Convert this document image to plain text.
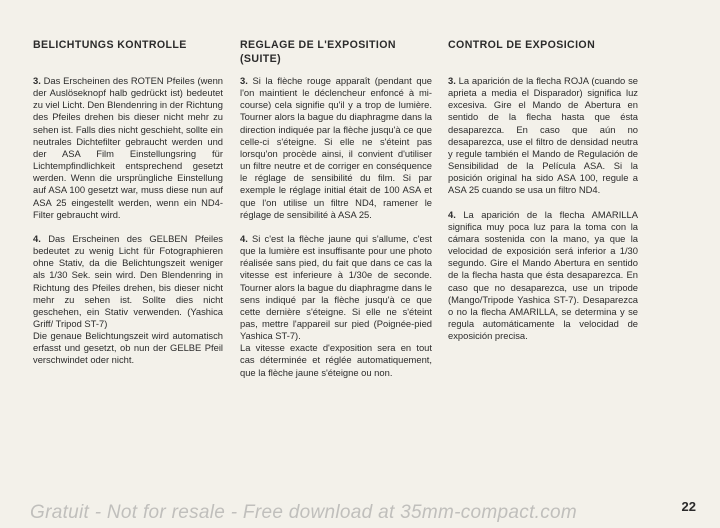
BELICHTUNGS KONTROLLE

3. Das Erscheinen des ROTEN Pfeiles (wenn der Auslöseknopf halb gedrückt ist) bedeutet zu viel Licht. Den Blendenring in der Richtung des Pfeiles drehen bis dieser nicht mehr zu sehen ist. Falls dies nicht geschieht, sollte ein neutrales Dichtefilter gebraucht werden und der ASA Film Einstellungsring für Lichtempfindlichkeit entsprechend gesetzt werden. Wenn die ursprüngliche Einstellung auf ASA 100 gesetzt war, muss diese nun auf ASA 25 eingestellt werden, wenn ein ND4-Filter gebraucht wird.

4. Das Erscheinen des GELBEN Pfeiles bedeutet zu wenig Licht für Fotographieren ohne Stativ, da die Belichtungszeit weniger als 1/30 Sek. sein wird. Den Blendenring in Richtung des Pfeiles drehen, bis dieser nicht mehr zu sehen ist. Sollte dies nicht geschehen, ein Stativ verwenden. (Yashica Griff/ Tripod ST-7)
Die genaue Belichtungszeit wird automatisch erfasst und gesetzt, ob nun der GELBE Pfeil verschwindet oder nicht.

REGLAGE DE L'EXPOSITION (SUITE)

3. Si la flèche rouge apparaît (pendant que l'on maintient le déclencheur enfoncé à mi-course) cela signifie qu'il y a trop de lumière. Tourner alors la bague du diaphragme dans la direction indiquée par la flèche jusqu'à ce que celle-ci s'éteigne. Si elle ne s'éteint pas lorsqu'on procède ainsi, il convient d'utiliser un filtre neutre et de corriger en conséquence le réglage de sensibilité du film. Si par exemple le réglage initial était de 100 ASA et que l'on utilise un filtre ND4, ramener le réglage de sensibilité à ASA 25.

4. Si c'est la flèche jaune qui s'allume, c'est que la lumière est insuffisante pour une photo réalisée sans pied, du fait que dans ce cas la vitesse est inferieure à 1/30e de seconde. Tourner alors la bague du diaphragme dans le sens indiqué par la flèche jusqu'à ce que cette dernière s'éteigne. Si elle ne s'éteint pas, mettre l'appareil sur pied (Poignée-pied Yashica ST-7).
La vitesse exacte d'exposition sera en tout cas déterminée et réglée automatiquement, que la flèche jaune s'éteigne ou non.

CONTROL DE EXPOSICION

3. La aparición de la flecha ROJA (cuando se aprieta a media el Disparador) significa luz excesiva. Gire el Mando de Abertura en sentido de la flecha hasta que ésta desaparezca. En caso que aún no desaparezca, use el filtro de densidad neutra y regule también el Mando de Regulación de Sensibilidad de la Película ASA. Si la posición original ha sido ASA 100, regule a ASA 25 cuando se usa un filtro ND4.

4. La aparición de la flecha AMARILLA significa muy poca luz para la toma con la cámara sostenida con la mano, ya que la velocidad de exposición será inferior a 1/30 segundo. Gire el Mando Abertura en sentido de la flecha hasta que ésta desaparezca. En caso que no desaparezca, use un tripode (Mango/Tripode Yashica ST-7). Desaparezca o no la flecha AMARILLA, se determina y se regula automáticamente la velocidad de exposición precisa.

Gratuit - Not for resale - Free download at 35mm-compact.com	22
